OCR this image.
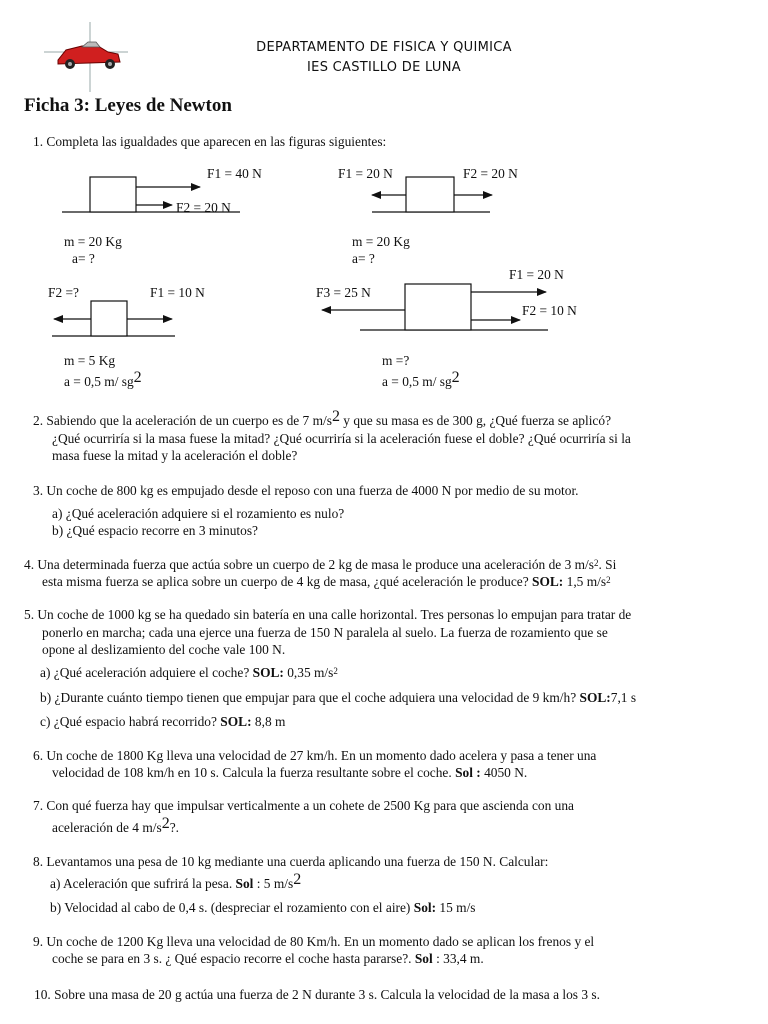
DEPARTAMENTO DE FISICA Y QUIMICA
IES CASTILLO DE LUNA
Ficha 3: Leyes de Newton
1. Completa las igualdades que aparecen en las figuras siguientes:
F1 = 40 N
F2 = 20 N
m = 20 Kg
a= ?
F1 = 20 N	F2 = 20 N
m = 20 Kg
a= ?
F2 =?	F1 = 10 N
m = 5 Kg
a = 0,5 m/ sg2
F1 = 20 N
F3 = 25 N
F2 = 10 N
m =?
a = 0,5 m/ sg2
2. Sabiendo que la aceleración de un cuerpo es de 7 m/s2 y que su masa es de 300 g, ¿Qué fuerza se aplicó?
¿Qué ocurriría si la masa fuese la mitad? ¿Qué ocurriría si la aceleración fuese el doble? ¿Qué ocurriría si la
masa fuese la mitad y la aceleración el doble?
3. Un coche de 800 kg es empujado desde el reposo con una fuerza de 4000 N por medio de su motor.
a) ¿Qué aceleración adquiere si el rozamiento es nulo?
b) ¿Qué espacio recorre en 3 minutos?
4. Una determinada fuerza que actúa sobre un cuerpo de 2 kg de masa le produce una aceleración de 3 $m/s^2$. Si
esta misma fuerza se aplica sobre un cuerpo de 4 kg de masa, ¿qué aceleración le produce? SOL: 1,5 $m/s^2$
5. Un coche de 1000 kg se ha quedado sin batería en una calle horizontal. Tres personas lo empujan para tratar de
ponerlo en marcha; cada una ejerce una fuerza de 150 N paralela al suelo. La fuerza de rozamiento que se
opone al deslizamiento del coche vale 100 N.
a) ¿Qué aceleración adquiere el coche? SOL: 0,35 $m/s^2$
b) ¿Durante cuánto tiempo tienen que empujar para que el coche adquiera una velocidad de 9 km/h? SOL:7,1 s
c) ¿Qué espacio habrá recorrido? SOL: 8,8 m
6. Un coche de 1800 Kg lleva una velocidad de 27 km/h. En un momento dado acelera y pasa a tener una
velocidad de 108 km/h en 10 s. Calcula la fuerza resultante sobre el coche. Sol : 4050 N.
7. Con qué fuerza hay que impulsar verticalmente a un cohete de 2500 Kg para que ascienda con una
aceleración de 4 m/s2?.
8. Levantamos una pesa de 10 kg mediante una cuerda aplicando una fuerza de 150 N. Calcular:
a) Aceleración que sufrirá la pesa. Sol : 5 m/s2
b) Velocidad al cabo de 0,4 s. (despreciar el rozamiento con el aire) Sol: 15 m/s
9. Un coche de 1200 Kg lleva una velocidad de 80 Km/h. En un momento dado se aplican los frenos y el
coche se para en 3 s. ¿ Qué espacio recorre el coche hasta pararse?. Sol : 33,4 m.
10. Sobre una masa de 20 g actúa una fuerza de 2 N durante 3 s. Calcula la velocidad de la masa a los 3 s.
